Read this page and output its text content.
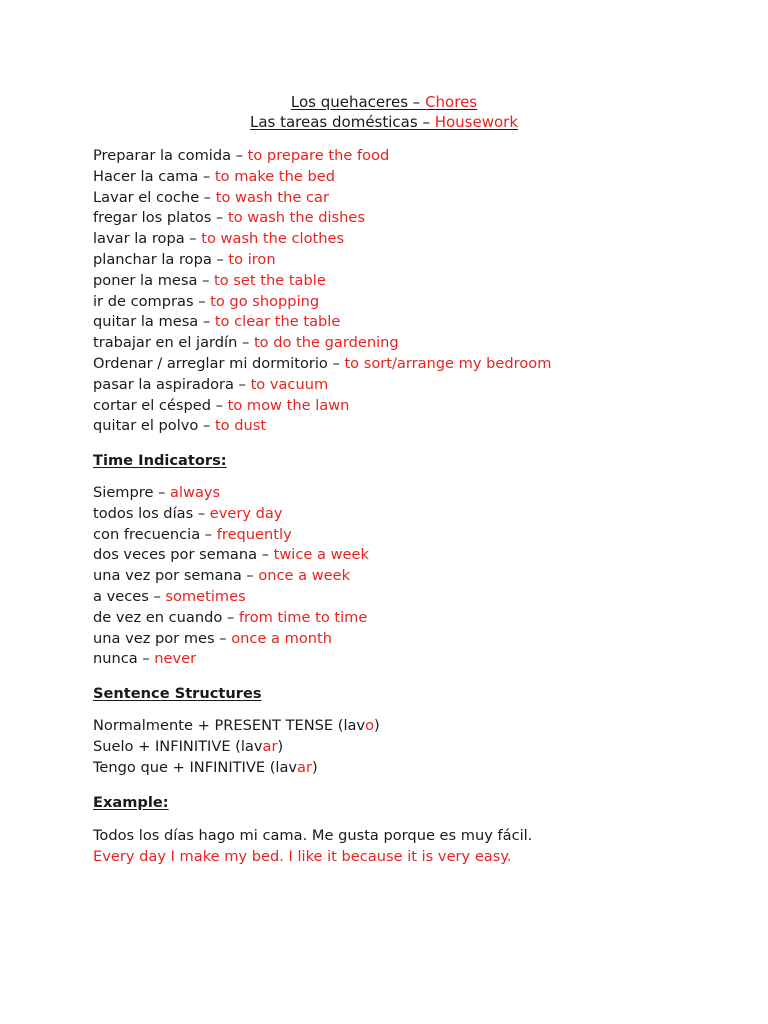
Los quehaceres – Chores
Las tareas domésticas – Housework
Preparar la comida – to prepare the food
Hacer la cama – to make the bed
Lavar el coche – to wash the car
fregar los platos – to wash the dishes
lavar la ropa – to wash the clothes
planchar la ropa – to iron
poner la mesa – to set the table
ir de compras – to go shopping
quitar la mesa – to clear the table
trabajar en el jardín – to do the gardening
Ordenar / arreglar mi dormitorio – to sort/arrange my bedroom
pasar la aspiradora – to vacuum
cortar el césped – to mow the lawn
quitar el polvo – to dust
Time Indicators:
Siempre – always
todos los días – every day
con frecuencia – frequently
dos veces por semana – twice a week
una vez por semana – once a week
a veces – sometimes
de vez en cuando – from time to time
una vez por mes – once a month
nunca – never
Sentence Structures
Normalmente + PRESENT TENSE (lavo)
Suelo + INFINITIVE (lavar)
Tengo que + INFINITIVE (lavar)
Example:
Todos los días hago mi cama. Me gusta porque es muy fácil.
Every day I make my bed. I like it because it is very easy.
